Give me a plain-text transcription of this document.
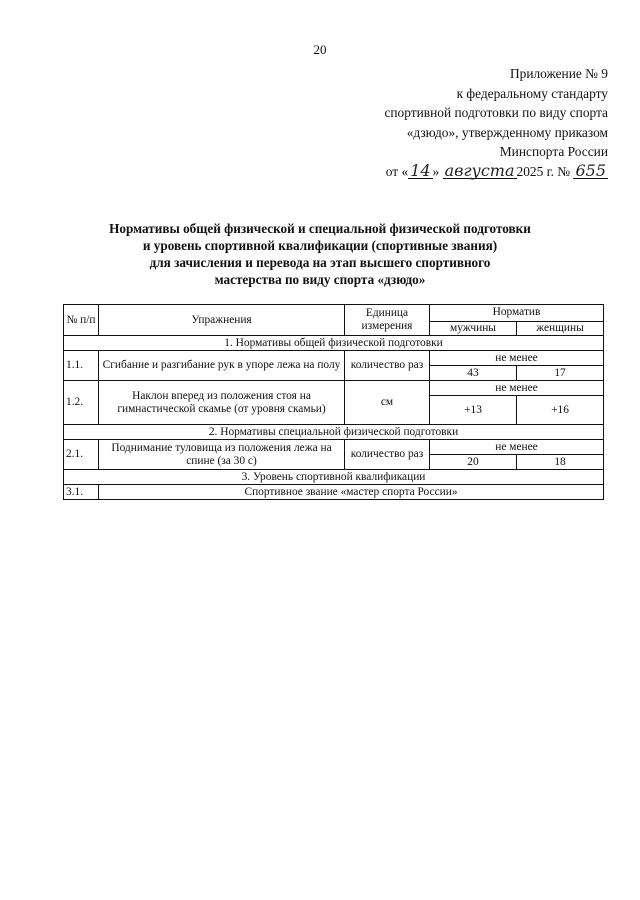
20
Приложение № 9
к федеральному стандарту
спортивной подготовки по виду спорта
«дзюдо», утвержденному приказом
Минспорта России
от « 14 » августа 2025 г. № 655
Нормативы общей физической и специальной физической подготовки
и уровень спортивной квалификации (спортивные звания)
для зачисления и перевода на этап высшего спортивного
мастерства по виду спорта «дзюдо»
№ п/п	Упражнения	Единица измерения	Норматив	
			мужчины	женщины
1. Нормативы общей физической подготовки				
1.1.	Сгибание и разгибание рук в упоре лежа на полу	количество раз	не менее	
			43	17
1.2.	Наклон вперед из положения стоя на гимнастической скамье (от уровня скамьи)	см	не менее	
			+13	+16
2. Нормативы специальной физической подготовки				
2.1.	Поднимание туловища из положения лежа на спине (за 30 с)	количество раз	не менее	
			20	18
3. Уровень спортивной квалификации				
3.1.	Спортивное звание «мастер спорта России»			
